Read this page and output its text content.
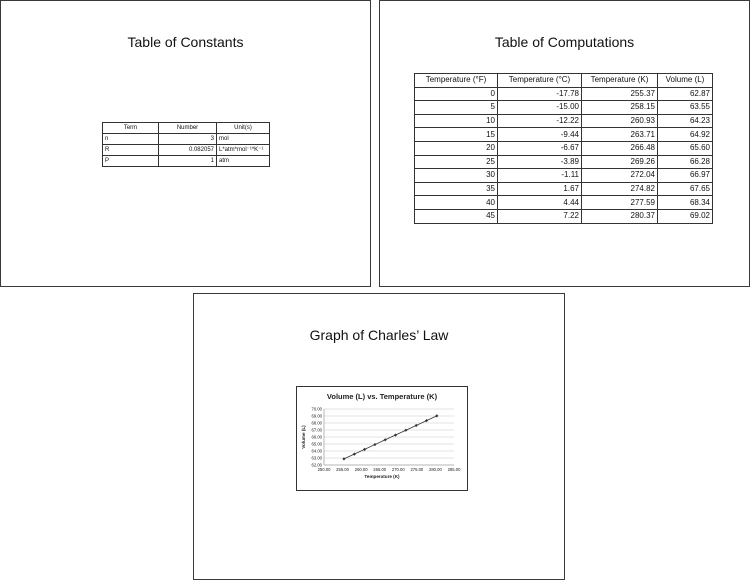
Table of Constants
Term	Number	Unit(s)
n	3	mol
R	0.082057	L*atm*mol⁻¹*K⁻¹
P	1	atm
Table of Computations
Temperature (°F)	Temperature (°C)	Temperature (K)	Volume (L)
0	-17.78	255.37	62.87
5	-15.00	258.15	63.55
10	-12.22	260.93	64.23
15	-9.44	263.71	64.92
20	-6.67	266.48	65.60
25	-3.89	269.26	66.28
30	-1.11	272.04	66.97
35	1.67	274.82	67.65
40	4.44	277.59	68.34
45	7.22	280.37	69.02
Graph of Charles’ Law
Volume (L) vs. Temperature (K)
62.00
63.00
64.00
65.00
66.00
67.00
68.00
69.00
70.00
250.00 255.00 260.00 265.00 270.00 275.00 280.00 285.00
Temperature (K)
Volume (L)
